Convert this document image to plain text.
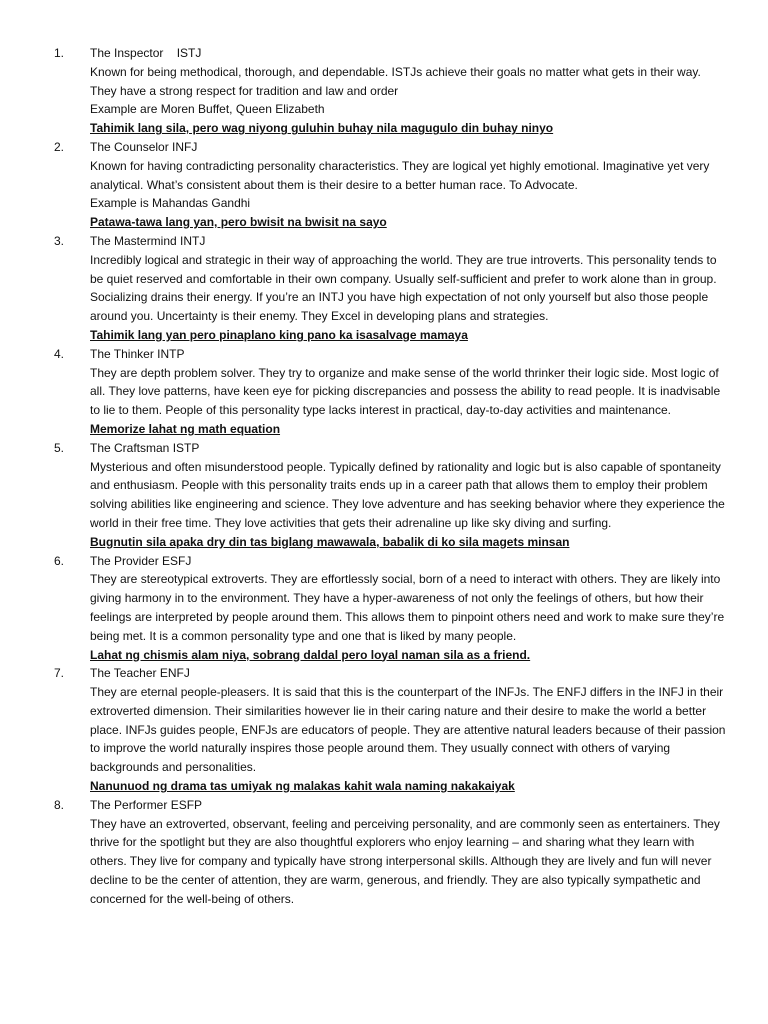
1.	The Inspector    ISTJ
Known for being methodical, thorough, and dependable. ISTJs achieve their goals no matter what gets in their way. They have a strong respect for tradition and law and order
Example are Moren Buffet, Queen Elizabeth
Tahimik lang sila, pero wag niyong guluhin buhay nila magugulo din buhay ninyo
2.	The Counselor INFJ
Known for having contradicting personality characteristics. They are logical yet highly emotional. Imaginative yet very analytical. What’s consistent about them is their desire to a better human race. To Advocate.
Example is Mahandas Gandhi
Patawa-tawa lang yan, pero bwisit na bwisit na sayo
3.	The Mastermind INTJ
Incredibly logical and strategic in their way of approaching the world. They are true introverts. This personality tends to be quiet reserved and comfortable in their own company. Usually self-sufficient and prefer to work alone than in group. Socializing drains their energy. If you’re an INTJ you have high expectation of not only yourself but also those people around you. Uncertainty is their enemy. They Excel in developing plans and strategies.
Tahimik lang yan pero pinaplano king pano ka isasalvage mamaya
4.	The Thinker INTP
They are depth problem solver. They try to organize and make sense of the world thrinker their logic side. Most logic of all. They love patterns, have keen eye for picking discrepancies and possess the ability to read people. It is inadvisable to lie to them. People of this personality type lacks interest in practical, day-to-day activities and maintenance.
Memorize lahat ng math equation
5.	The Craftsman ISTP
Mysterious and often misunderstood people. Typically defined by rationality and logic but is also capable of spontaneity and enthusiasm. People with this personality traits ends up in a career path that allows them to employ their problem solving abilities like engineering and science. They love adventure and has seeking behavior where they experience the world in their free time. They love activities that gets their adrenaline up like sky diving and surfing.
Bugnutin sila apaka dry din tas biglang mawawala, babalik di ko sila magets minsan
6.	The Provider ESFJ
They are stereotypical extroverts. They are effortlessly social, born of a need to interact with others. They are likely into giving harmony in to the environment. They have a hyper-awareness of not only the feelings of others, but how their feelings are interpreted by people around them. This allows them to pinpoint others need and work to make sure they’re being met. It is a common personality type and one that is liked by many people.
Lahat ng chismis alam niya, sobrang daldal pero loyal naman sila as a friend.
7.	The Teacher ENFJ
They are eternal people-pleasers. It is said that this is the counterpart of the INFJs. The ENFJ differs in the INFJ in their extroverted dimension. Their similarities however lie in their caring nature and their desire to make the world a better place. INFJs guides people, ENFJs are educators of people. They are attentive natural leaders because of their passion to improve the world naturally inspires those people around them. They usually connect with others of varying backgrounds and personalities.
Nanunuod ng drama tas umiyak ng malakas kahit wala naming nakakaiyak
8.	The Performer ESFP
They have an extroverted, observant, feeling and perceiving personality, and are commonly seen as entertainers. They thrive for the spotlight but they are also thoughtful explorers who enjoy learning – and sharing what they learn with others. They live for company and typically have strong interpersonal skills. Although they are lively and fun will never decline to be the center of attention, they are warm, generous, and friendly. They are also typically sympathetic and concerned for the well-being of others.
